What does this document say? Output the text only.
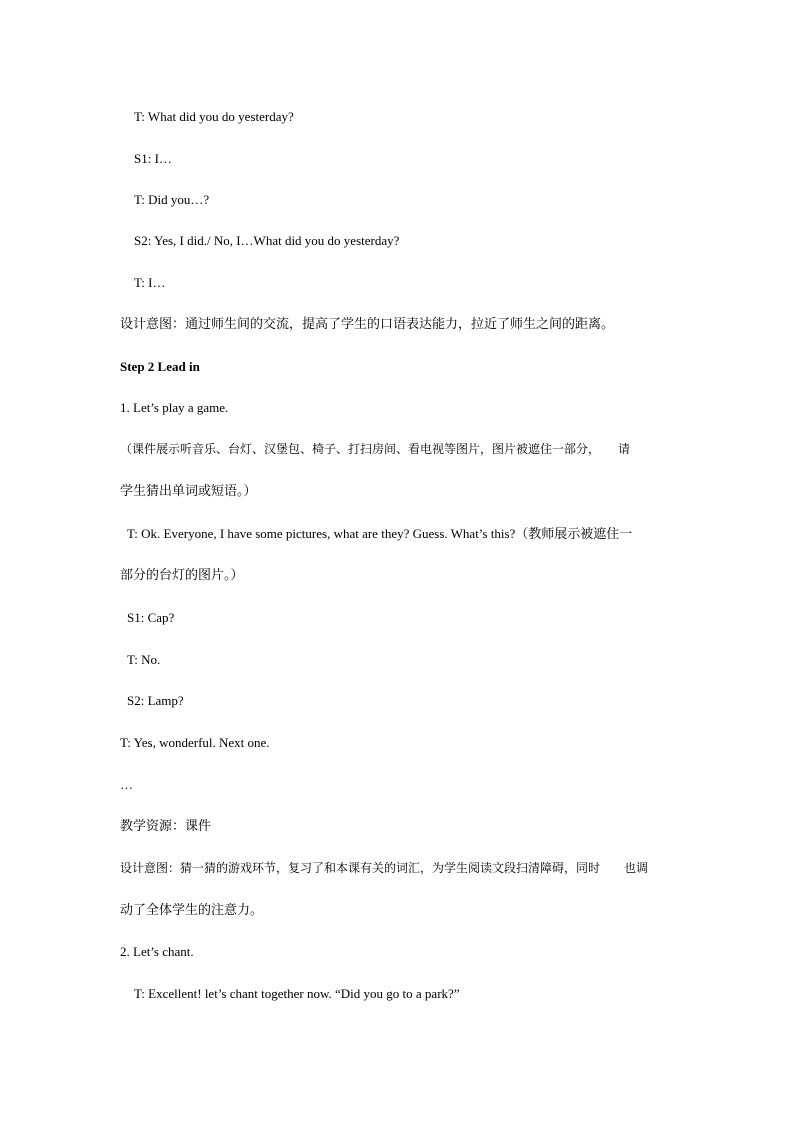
T: What did you do yesterday?
S1: I…
T: Did you…?
S2: Yes, I did./ No, I…What did you do yesterday?
T: I…
设计意图：通过师生间的交流，提高了学生的口语表达能力，拉近了师生之间的距离。
Step 2 Lead in
1. Let’s play a game.
（课件展示听音乐、台灯、汉堡包、椅子、打扫房间、看电视等图片，图片被遮住一部分，　　请
学生猜出单词或短语。）
T: Ok. Everyone, I have some pictures, what are they? Guess. What’s this?（教师展示被遮住一
部分的台灯的图片。）
S1: Cap?
T: No.
S2: Lamp?
T: Yes, wonderful. Next one.
…
教学资源：课件
设计意图：猜一猜的游戏环节，复习了和本课有关的词汇，为学生阅读文段扫清障碍，同时　　也调
动了全体学生的注意力。
2. Let’s chant.
T: Excellent! let’s chant together now. “Did you go to a park?”
